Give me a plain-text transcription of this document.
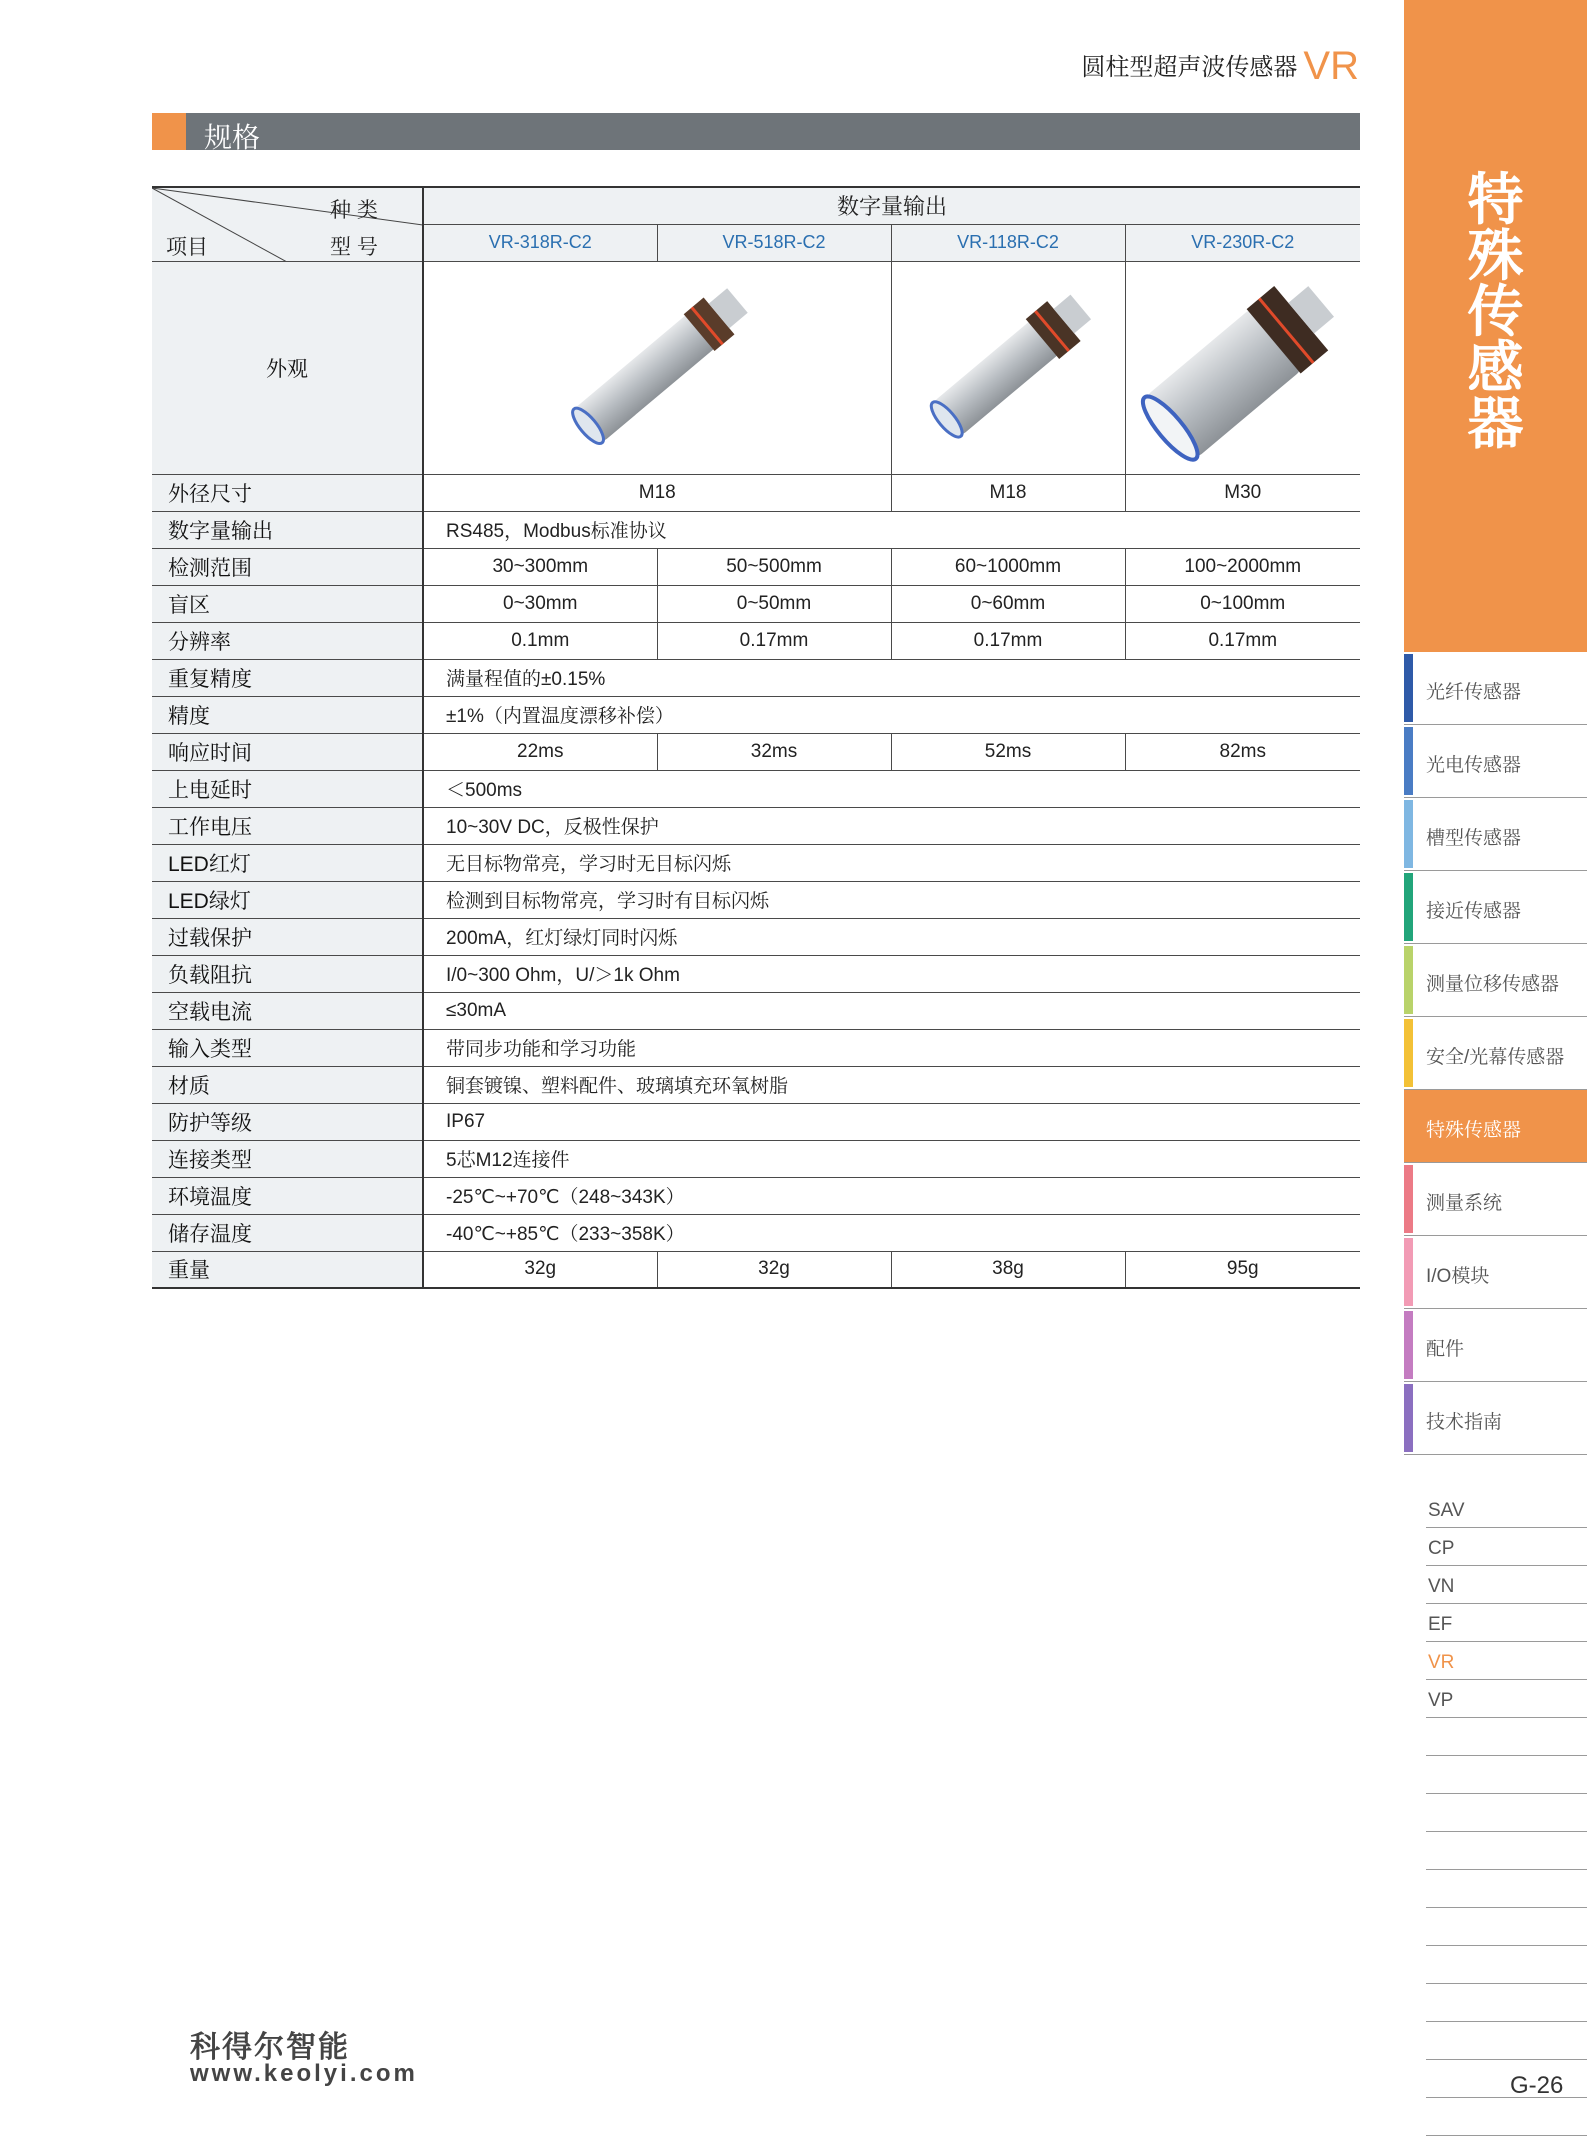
圆柱型超声波传感器 VR
规格
种 类
型 号
项目	数字量输出			
	VR-318R-C2	VR-518R-C2	VR-118R-C2	VR-230R-C2
外观	

外径尺寸	M18		M18	M30
数字量输出	RS485，Modbus标准协议			
检测范围	30~300mm	50~500mm	60~1000mm	100~2000mm
盲区	0~30mm	0~50mm	0~60mm	0~100mm
分辨率	0.1mm	0.17mm	0.17mm	0.17mm
重复精度	满量程值的±0.15%			
精度	±1%（内置温度漂移补偿）			
响应时间	22ms	32ms	52ms	82ms
上电延时	＜500ms			
工作电压	10~30V DC，反极性保护			
LED红灯	无目标物常亮，学习时无目标闪烁			
LED绿灯	检测到目标物常亮，学习时有目标闪烁			
过载保护	200mA，红灯绿灯同时闪烁			
负载阻抗	I/0~300 Ohm，U/＞1k Ohm			
空载电流	≤30mA			
输入类型	带同步功能和学习功能			
材质	铜套镀镍、塑料配件、玻璃填充环氧树脂			
防护等级	IP67			
连接类型	5芯M12连接件			
环境温度	-25℃~+70℃（248~343K）			
储存温度	-40℃~+85℃（233~358K）			
重量	32g	32g	38g	95g
特
殊
传
感
器
光纤传感器
光电传感器
槽型传感器
接近传感器
测量位移传感器
安全/光幕传感器
特殊传感器
测量系统
I/O模块
配件
技术指南
SAV
CP
VN
EF
VR
VP
科得尔智能
www.keolyi.com	G-26
